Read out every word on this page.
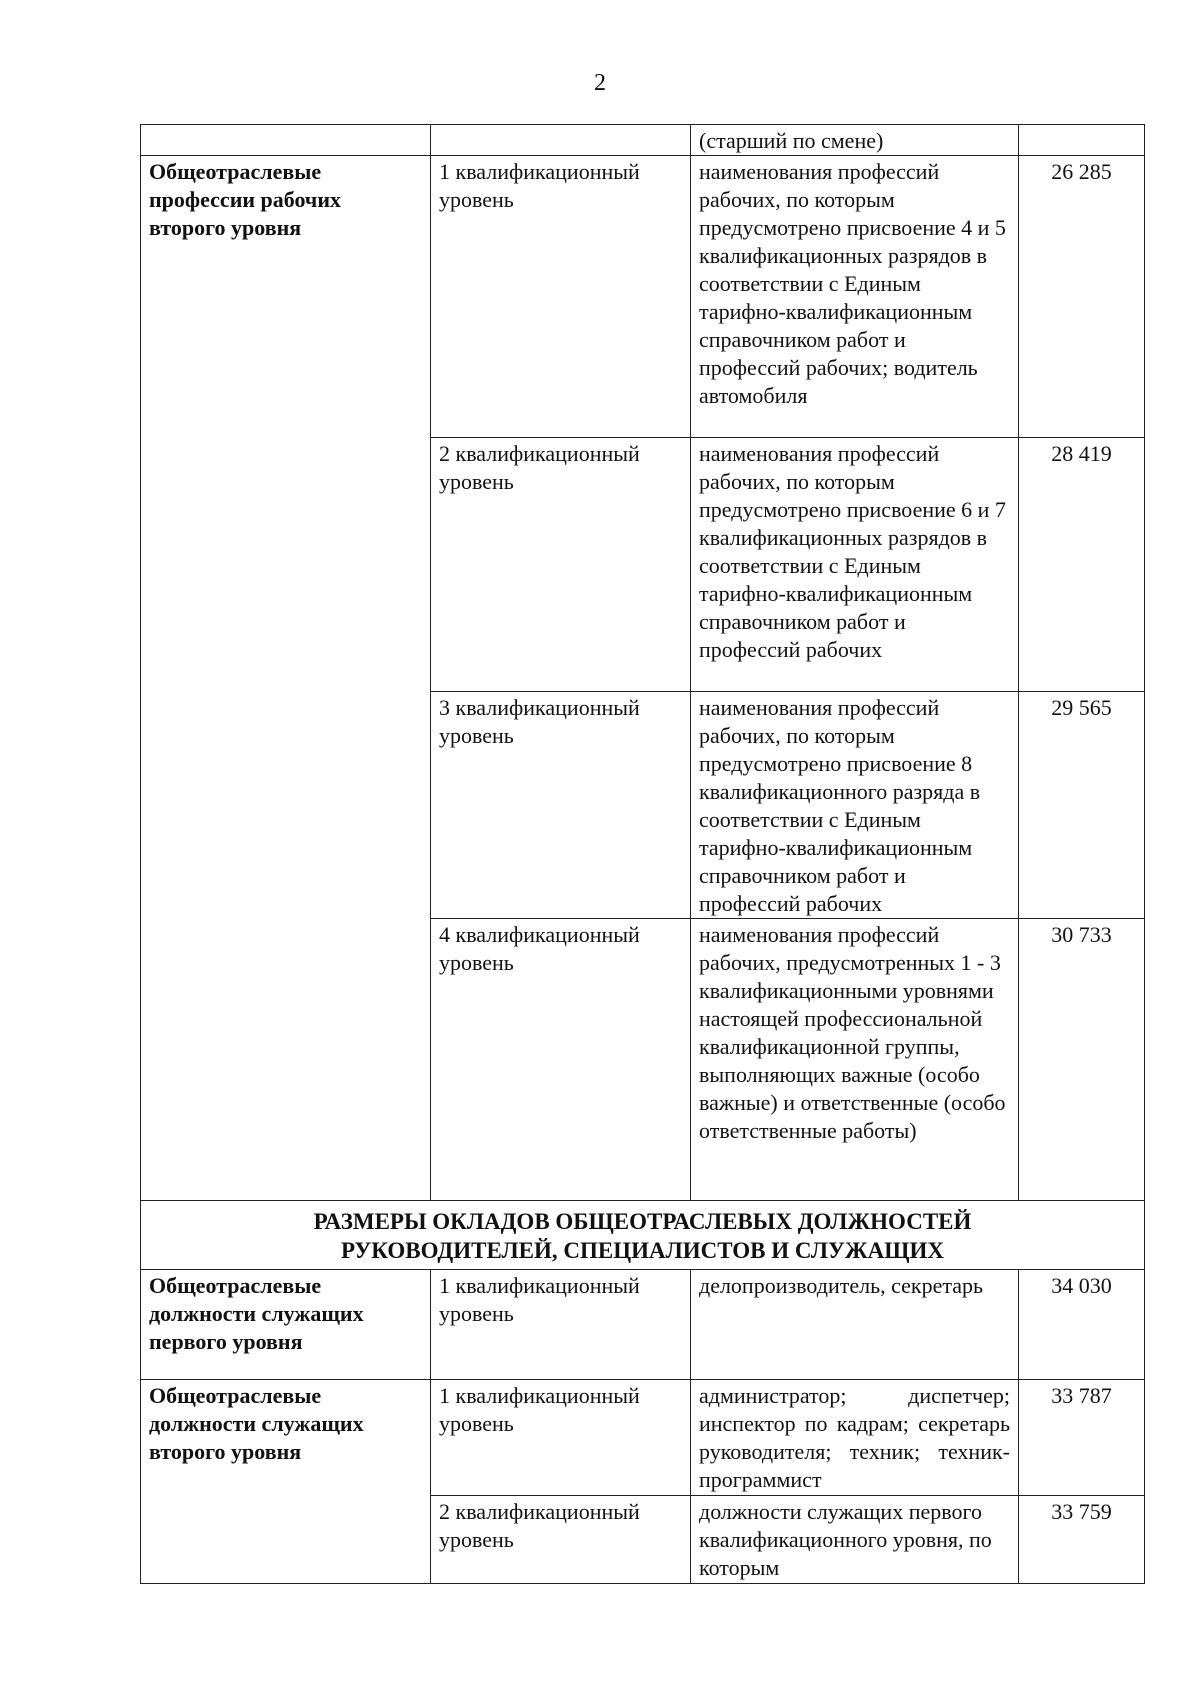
2
		(старший по смене)	
Общеотраслевые профессии рабочих второго уровня	1 квалификационный уровень	наименования профессий рабочих, по которым предусмотрено присвоение 4 и 5 квалификационных разрядов в соответствии с Единым тарифно-квалификационным справочником работ и профессий рабочих; водитель автомобиля	26 285
	2 квалификационный уровень	наименования профессий рабочих, по которым предусмотрено присвоение 6 и 7 квалификационных разрядов в соответствии с Единым тарифно-квалификационным справочником работ и профессий рабочих	28 419
	3 квалификационный уровень	наименования профессий рабочих, по которым предусмотрено присвоение 8 квалификационного разряда в соответствии с Единым тарифно-квалификационным справочником работ и профессий рабочих	29 565
	4 квалификационный уровень	наименования профессий рабочих, предусмотренных 1 - 3 квалификационными уровнями настоящей профессиональной квалификационной группы, выполняющих важные (особо важные) и ответственные (особо ответственные работы)	30 733

РАЗМЕРЫ ОКЛАДОВ ОБЩЕОТРАСЛЕВЫХ ДОЛЖНОСТЕЙ
РУКОВОДИТЕЛЕЙ, СПЕЦИАЛИСТОВ И СЛУЖАЩИХ			

Общеотраслевые должности служащих первого уровня	1 квалификационный уровень	делопроизводитель, секретарь	34 030
Общеотраслевые должности служащих второго уровня	1 квалификационный уровень	администратор; диспетчер; инспектор по кадрам; секретарь руководителя; техник; техник-программист	33 787
	2 квалификационный уровень	должности служащих первого квалификационного уровня, по которым	33 759
